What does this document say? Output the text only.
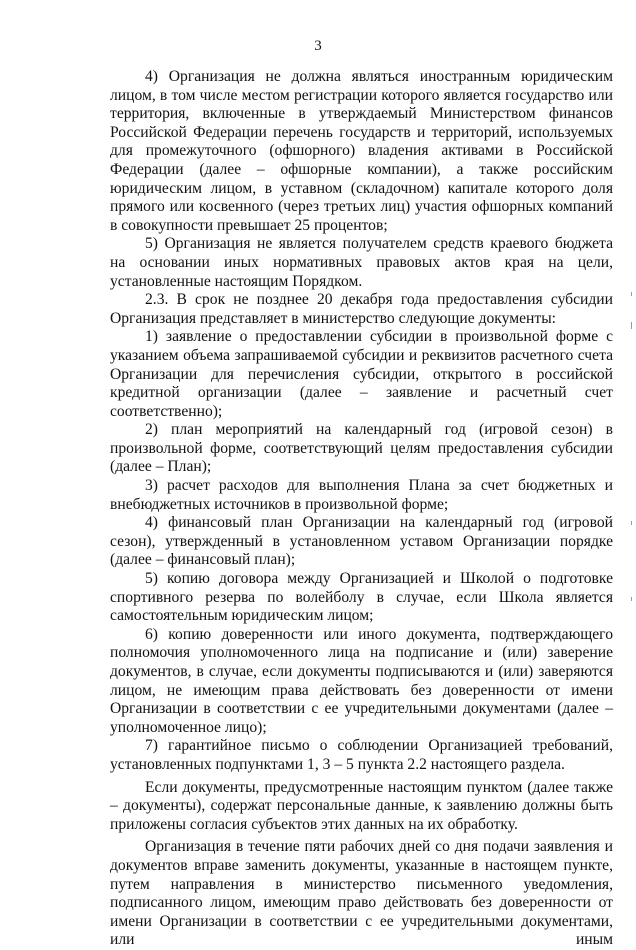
3

4) Организация не должна являться иностранным юридическим лицом, в том числе местом регистрации которого является государство или территория, включенные в утверждаемый Министерством финансов Российской Федерации перечень государств и территорий, используемых для промежуточного (офшорного) владения активами в Российской Федерации (далее – офшорные компании), а также российским юридическим лицом, в уставном (складочном) капитале которого доля прямого или косвенного (через третьих лиц) участия офшорных компаний в совокупности превышает 25 процентов;

5) Организация не является получателем средств краевого бюджета на основании иных нормативных правовых актов края на цели, установленные настоящим Порядком.

2.3. В срок не позднее 20 декабря года предоставления субсидии Организация представляет в министерство следующие документы:

1) заявление о предоставлении субсидии в произвольной форме с указанием объема запрашиваемой субсидии и реквизитов расчетного счета Организации для перечисления субсидии, открытого в российской кредитной организации (далее – заявление и расчетный счет соответственно);

2) план мероприятий на календарный год (игровой сезон) в произвольной форме, соответствующий целям предоставления субсидии (далее – План);

3) расчет расходов для выполнения Плана за счет бюджетных и внебюджетных источников в произвольной форме;

4) финансовый план Организации на календарный год (игровой сезон), утвержденный в установленном уставом Организации порядке (далее – финансовый план);

5) копию договора между Организацией и Школой о подготовке спортивного резерва по волейболу в случае, если Школа является самостоятельным юридическим лицом;

6) копию доверенности или иного документа, подтверждающего полномочия уполномоченного лица на подписание и (или) заверение документов, в случае, если документы подписываются и (или) заверяются лицом, не имеющим права действовать без доверенности от имени Организации в соответствии с ее учредительными документами (далее – уполномоченное лицо);

7) гарантийное письмо о соблюдении Организацией требований, установленных подпунктами 1, 3 – 5 пункта 2.2 настоящего раздела.

Если документы, предусмотренные настоящим пунктом (далее также – документы), содержат персональные данные, к заявлению должны быть приложены согласия субъектов этих данных на их обработку.

Организация в течение пяти рабочих дней со дня подачи заявления и документов вправе заменить документы, указанные в настоящем пункте, путем направления в министерство письменного уведомления, подписанного лицом, имеющим право действовать без доверенности от имени Организации в соответствии с ее учредительными документами, или иным
